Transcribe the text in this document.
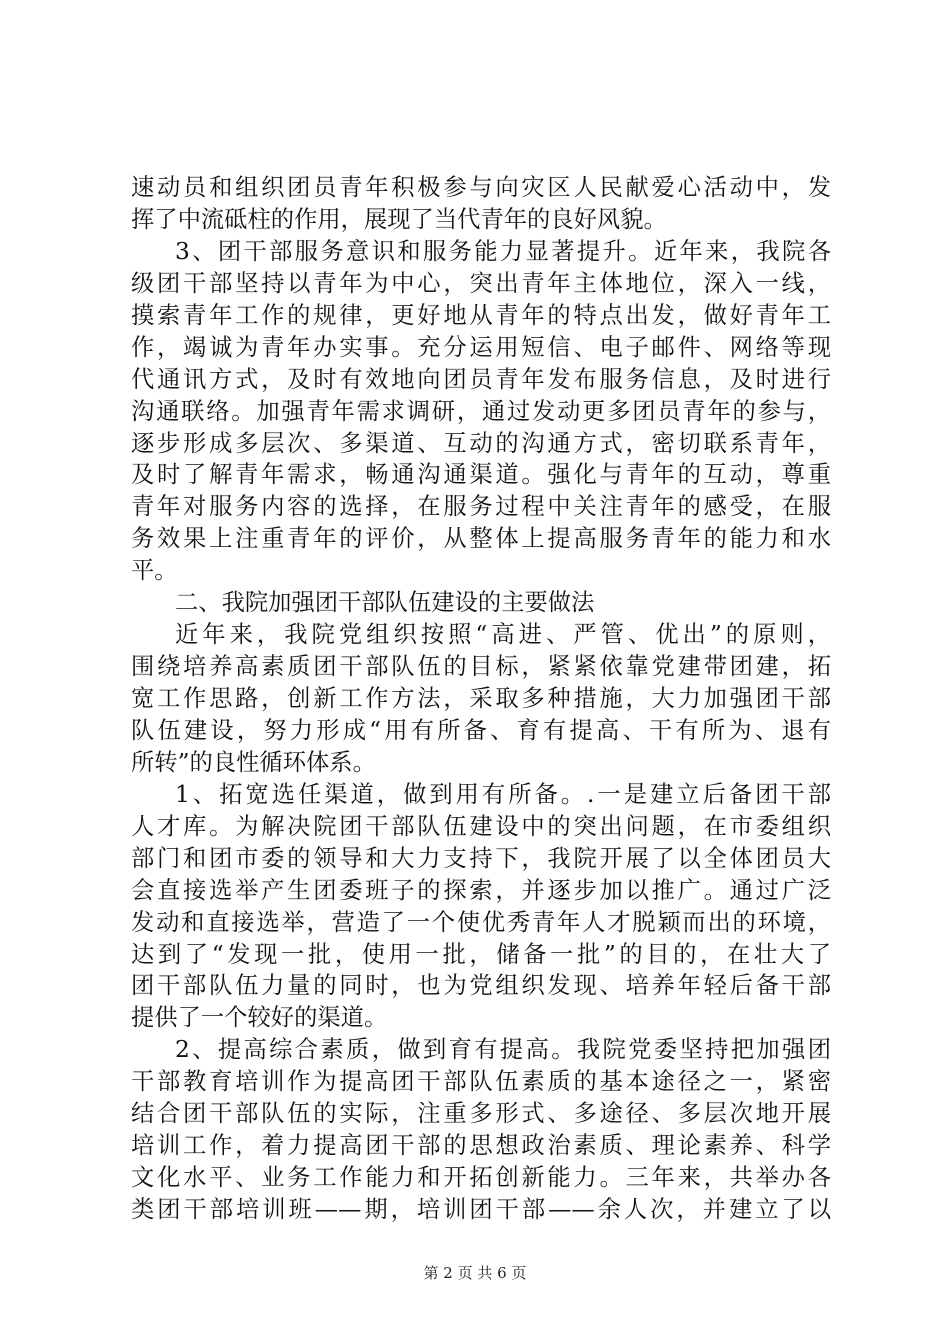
速动员和组织团员青年积极参与向灾区人民献爱心活动中，发
挥了中流砥柱的作用，展现了当代青年的良好风貌。
3、团干部服务意识和服务能力显著提升。近年来，我院各
级团干部坚持以青年为中心，突出青年主体地位，深入一线，
摸索青年工作的规律，更好地从青年的特点出发，做好青年工
作，竭诚为青年办实事。充分运用短信、电子邮件、网络等现
代通讯方式，及时有效地向团员青年发布服务信息，及时进行
沟通联络。加强青年需求调研，通过发动更多团员青年的参与，
逐步形成多层次、多渠道、互动的沟通方式，密切联系青年，
及时了解青年需求，畅通沟通渠道。强化与青年的互动，尊重
青年对服务内容的选择，在服务过程中关注青年的感受，在服
务效果上注重青年的评价，从整体上提高服务青年的能力和水
平。
二、我院加强团干部队伍建设的主要做法
近年来，我院党组织按照“高进、严管、优出”的原则，
围绕培养高素质团干部队伍的目标，紧紧依靠党建带团建，拓
宽工作思路，创新工作方法，采取多种措施，大力加强团干部
队伍建设，努力形成“用有所备、育有提高、干有所为、退有
所转”的良性循环体系。
1、拓宽选任渠道，做到用有所备。.一是建立后备团干部
人才库。为解决院团干部队伍建设中的突出问题，在市委组织
部门和团市委的领导和大力支持下，我院开展了以全体团员大
会直接选举产生团委班子的探索，并逐步加以推广。通过广泛
发动和直接选举，营造了一个使优秀青年人才脱颖而出的环境，
达到了“发现一批，使用一批，储备一批”的目的，在壮大了
团干部队伍力量的同时，也为党组织发现、培养年轻后备干部
提供了一个较好的渠道。
2、提高综合素质，做到育有提高。我院党委坚持把加强团
干部教育培训作为提高团干部队伍素质的基本途径之一，紧密
结合团干部队伍的实际，注重多形式、多途径、多层次地开展
培训工作，着力提高团干部的思想政治素质、理论素养、科学
文化水平、业务工作能力和开拓创新能力。三年来，共举办各
类团干部培训班——期，培训团干部——余人次，并建立了以
第 2 页 共 6 页
